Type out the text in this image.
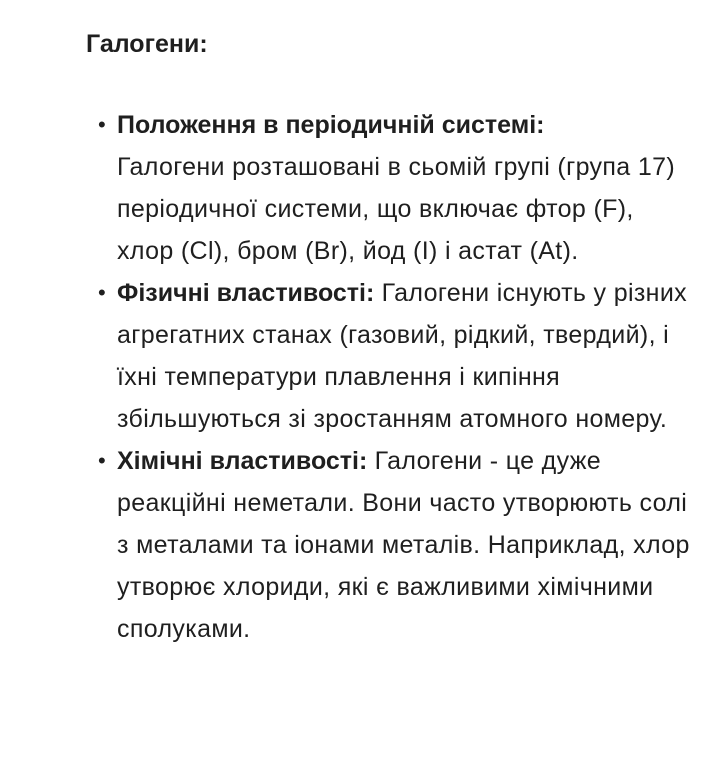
Галогени:
• Положення в періодичній системі:
Галогени розташовані в сьомій групі (група 17) періодичної системи, що включає фтор (F), хлор (Cl), бром (Br), йод (I) і астат (At).
• Фізичні властивості: Галогени існують у різних агрегатних станах (газовий, рідкий, твердий), і їхні температури плавлення і кипіння збільшуються зі зростанням атомного номеру.
• Хімічні властивості: Галогени - це дуже реакційні неметали. Вони часто утворюють солі з металами та іонами металів. Наприклад, хлор утворює хлориди, які є важливими хімічними сполуками.
